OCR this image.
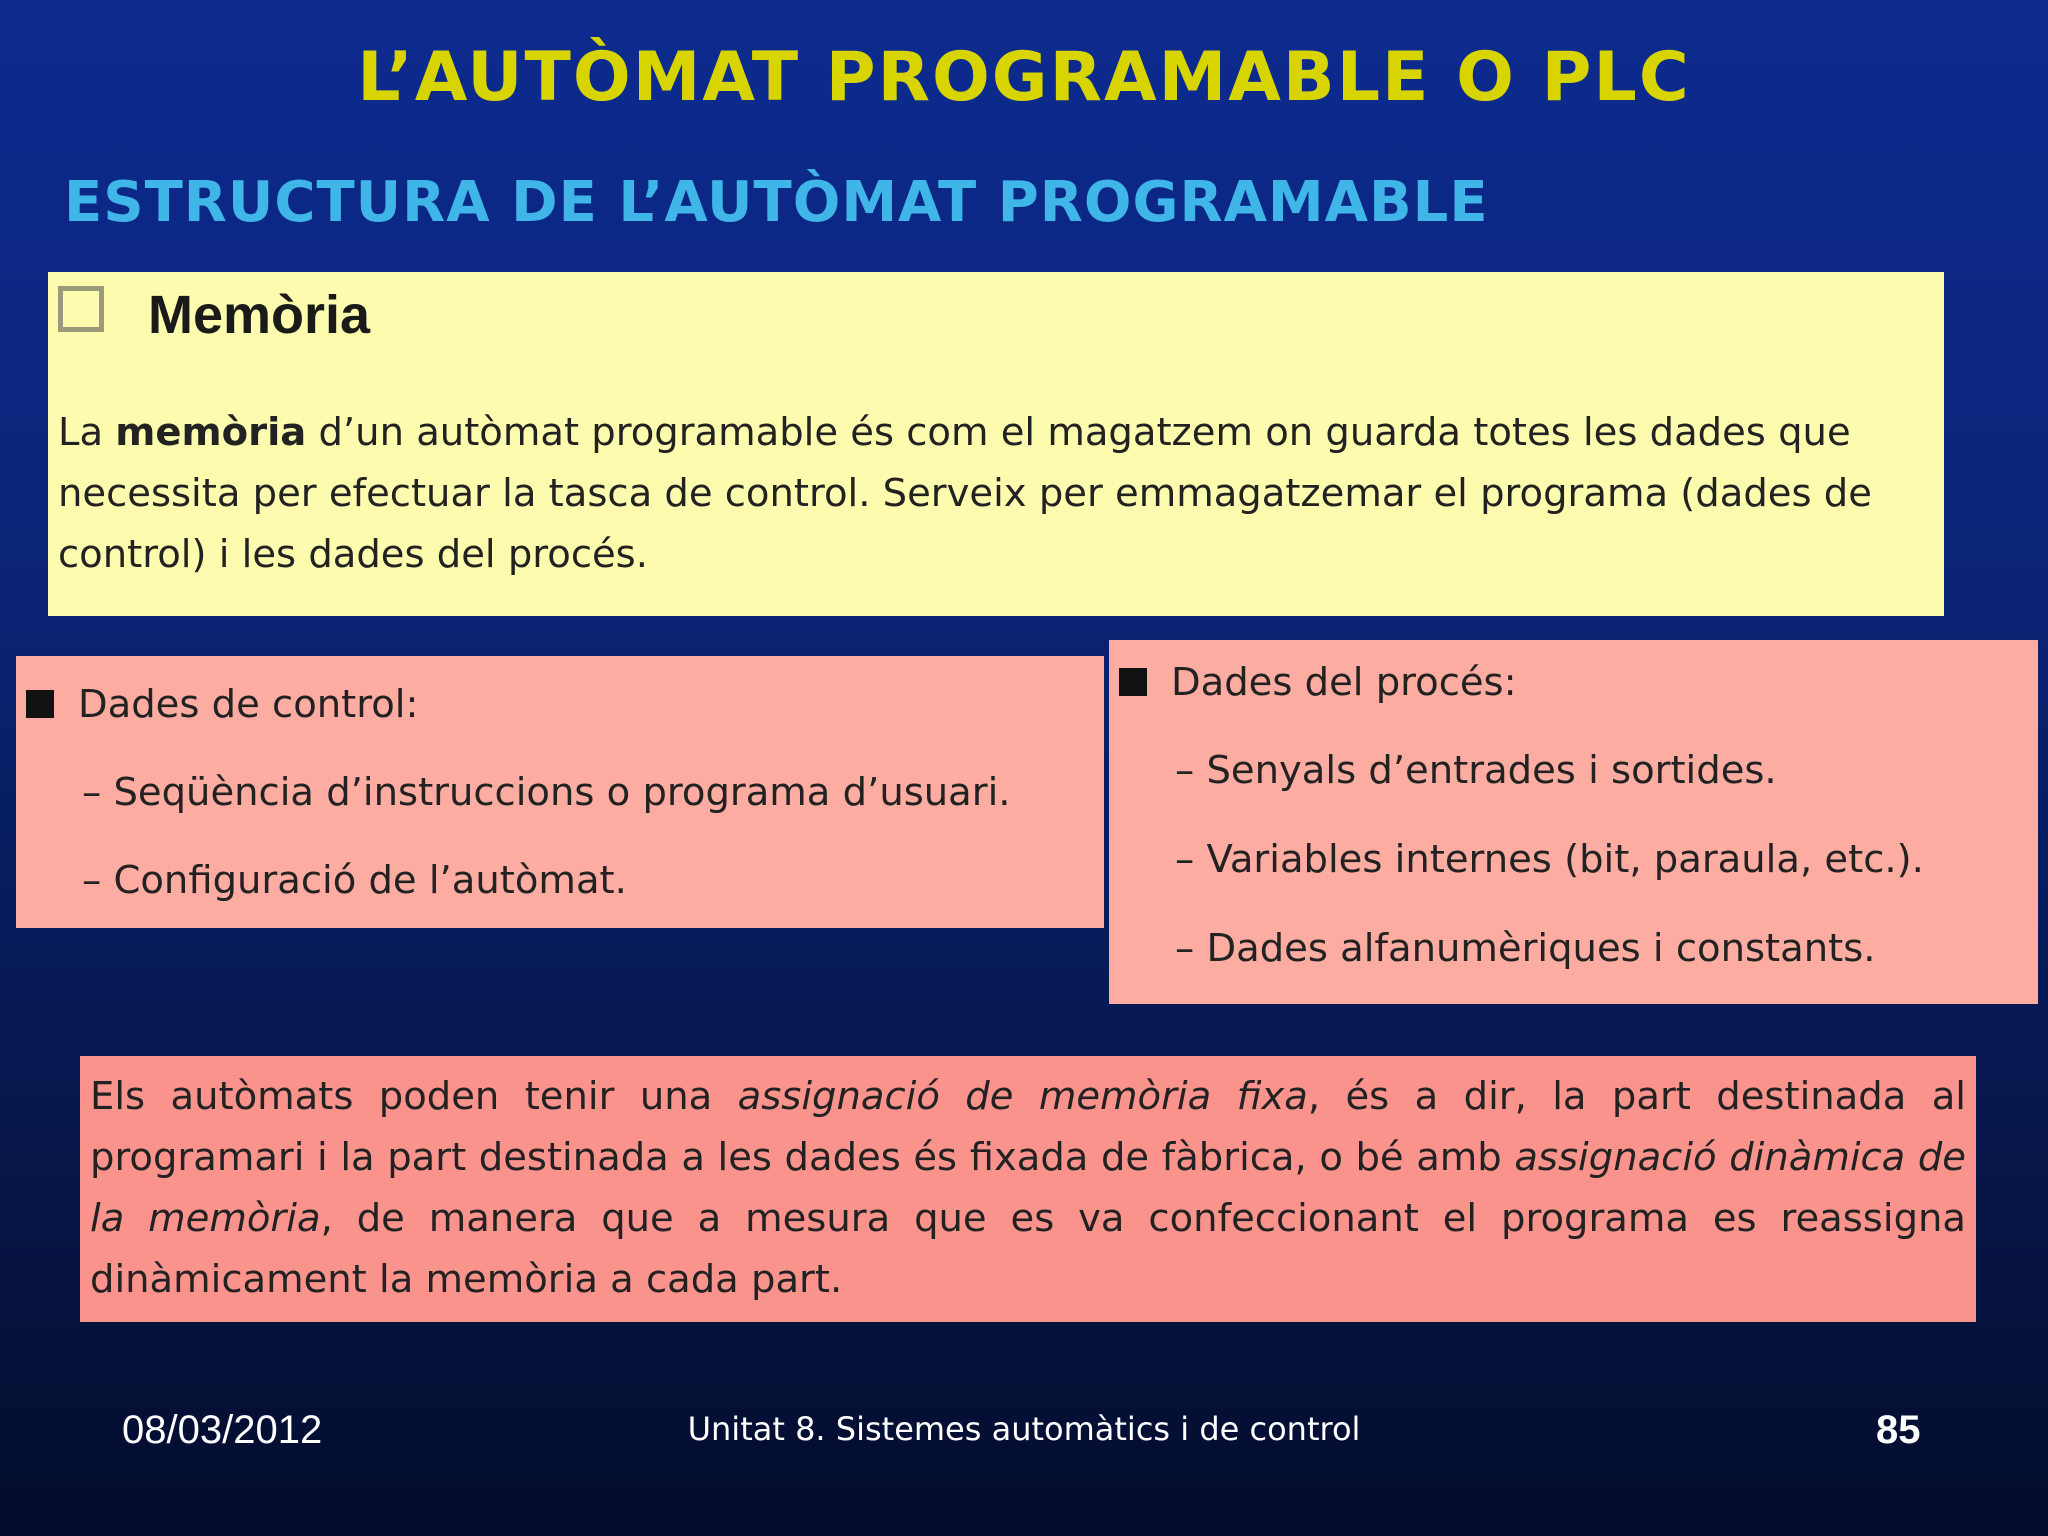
L’AUTÒMAT PROGRAMABLE O PLC
ESTRUCTURA DE L’AUTÒMAT PROGRAMABLE
Memòria
La memòria d’un autòmat programable és com el magatzem on guarda totes les dades que necessita per efectuar la tasca de control. Serveix per emmagatzemar el programa (dades de control) i les dades del procés.
Dades de control:
– Seqüència d’instruccions o programa d’usuari.
– Configuració de l’autòmat.
Dades del procés:
– Senyals d’entrades i sortides.
– Variables internes (bit, paraula, etc.).
– Dades alfanumèriques i constants.
Els autòmats poden tenir una assignació de memòria fixa, és a dir, la part destinada al programari i la part destinada a les dades és fixada de fàbrica, o bé amb assignació dinàmica de la memòria, de manera que a mesura que es va confeccionant el programa es reassigna dinàmicament la memòria a cada part.
08/03/2012	Unitat 8. Sistemes automàtics i de control	85
